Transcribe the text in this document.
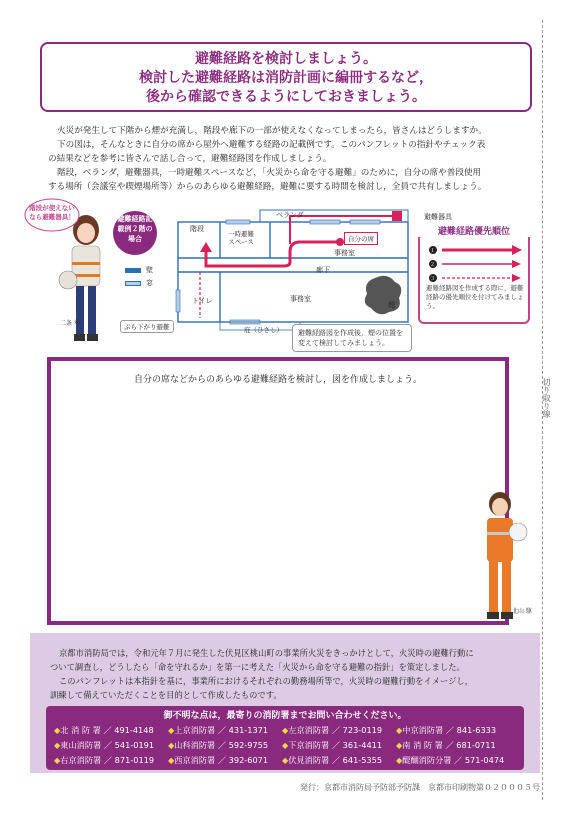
切り取り線
避難経路を検討しましょう。
検討した避難経路は消防計画に編冊するなど，
後から確認できるようにしておきましょう。
火災が発生して下階から煙が充満し，階段や廊下の一部が使えなくなってしまったら，皆さんはどうしますか。
下の図は，そんなときに自分の席から屋外へ避難する経路の記載例です。このパンフレットの指針やチェック表
の結果などを参考に皆さんで話し合って，避難経路図を作成しましょう。
階段，ベランダ，避難器具，一時避難スペースなど，「火災から命を守る避難」のために，自分の席や普段使用
する場所（会議室や喫煙場所等）からのあらゆる避難経路，避難に要する時間を検討し，全員で共有しましょう。
階段が使えないなら避難器具！
二条 葵
避難経路記載例２階の場合
壁
窓
階段
一時避難スペース
ベランダ	避難器具
自分の席
事務室
廊下
事務室
トイレ
庇（ひさし）
ぶら下がり避難
煙
避難経路図を作成後，煙の位置を変えて検討してみましょう。
避難経路優先順位
１
２
３
避難経路図を作成する際に，避難経路の優先順位を付けてみましょう。
自分の席などからのあらゆる避難経路を検討し，図を作成しましょう。
北山 駆
京都市消防局では，令和元年７月に発生した伏見区桃山町の事業所火災をきっかけとして，火災時の避難行動に
ついて調査し，どうしたら「命を守れるか」を第一に考えた「火災から命を守る避難の指針」を策定しました。
このパンフレットは本指針を基に，事業所におけるそれぞれの勤務場所等で，火災時の避難行動をイメージし，
訓練して備えていただくことを目的として作成したものです。
御不明な点は，最寄りの消防署までお問い合わせください。
◆北 消 防 署 ／ 491-4148 ◆上京消防署 ／ 431-1371 ◆左京消防署 ／ 723-0119 ◆中京消防署 ／ 841-6333
◆東山消防署 ／ 541-0191 ◆山科消防署 ／ 592-9755 ◆下京消防署 ／ 361-4411 ◆南 消 防 署 ／ 681-0711
◆右京消防署 ／ 871-0119 ◆西京消防署 ／ 392-6071 ◆伏見消防署 ／ 641-5355 ◆醍醐消防分署 ／ 571-0474
発行：京都市消防局予防部予防課　京都市印刷物第０２０００５号
